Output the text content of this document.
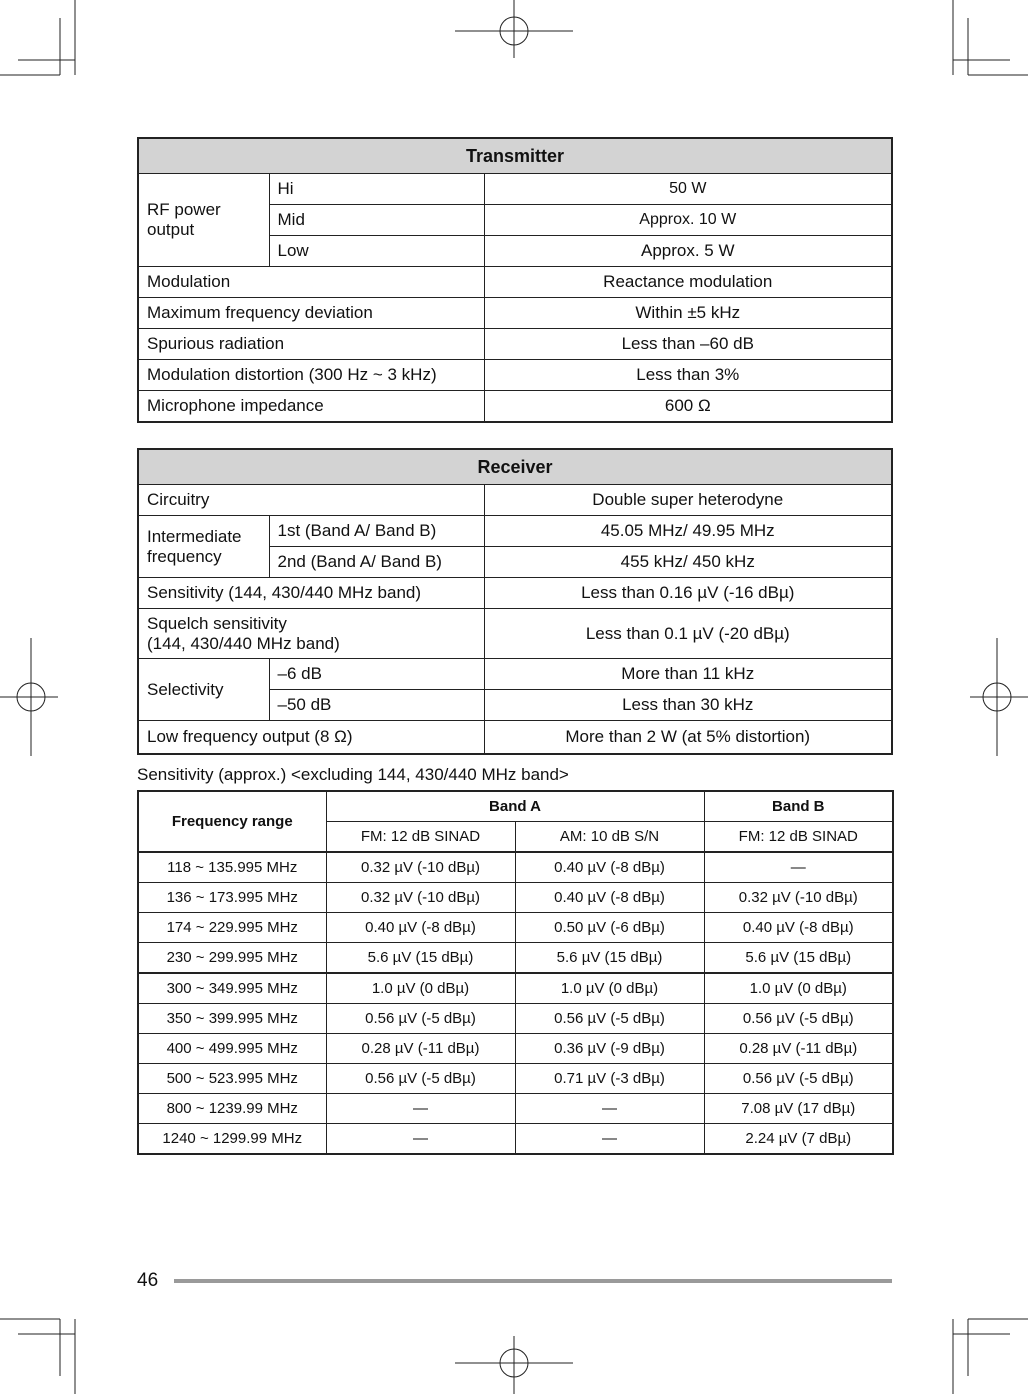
Transmitter		
RF power output	Hi	50 W
	Mid	Approx. 10 W
	Low	Approx. 5 W
Modulation		Reactance modulation
Maximum frequency deviation		Within ±5 kHz
Spurious radiation		Less than –60 dB
Modulation distortion (300 Hz ~ 3 kHz)		Less than 3%
Microphone impedance		600 Ω
Receiver		
Circuitry		Double super heterodyne
Intermediate frequency	1st (Band A/ Band B)	45.05 MHz/ 49.95 MHz
	2nd (Band A/ Band B)	455 kHz/ 450 kHz
Sensitivity (144, 430/440 MHz band)		Less than 0.16 µV (-16 dBµ)

Squelch sensitivity
(144, 430/440 MHz band)		Less than 0.1 µV (-20 dBµ)
Selectivity	–6 dB	More than 11 kHz
	–50 dB	Less than 30 kHz
Low frequency output (8 Ω)		More than 2 W (at 5% distortion)

Sensitivity (approx.) <excluding 144, 430/440 MHz band>

Frequency range	Band A		Band B
	FM: 12 dB SINAD	AM: 10 dB S/N	FM: 12 dB SINAD
118 ~ 135.995 MHz	0.32 µV (-10 dBµ)	0.40 µV (-8 dBµ)	—
136 ~ 173.995 MHz	0.32 µV (-10 dBµ)	0.40 µV (-8 dBµ)	0.32 µV (-10 dBµ)
174 ~ 229.995 MHz	0.40 µV (-8 dBµ)	0.50 µV (-6 dBµ)	0.40 µV (-8 dBµ)
230 ~ 299.995 MHz	5.6 µV (15 dBµ)	5.6 µV (15 dBµ)	5.6 µV (15 dBµ)
300 ~ 349.995 MHz	1.0 µV (0 dBµ)	1.0 µV (0 dBµ)	1.0 µV (0 dBµ)
350 ~ 399.995 MHz	0.56 µV (-5 dBµ)	0.56 µV (-5 dBµ)	0.56 µV (-5 dBµ)
400 ~ 499.995 MHz	0.28 µV (-11 dBµ)	0.36 µV (-9 dBµ)	0.28 µV (-11 dBµ)
500 ~ 523.995 MHz	0.56 µV (-5 dBµ)	0.71 µV (-3 dBµ)	0.56 µV (-5 dBµ)
800 ~ 1239.99 MHz	—	—	7.08 µV (17 dBµ)
1240 ~ 1299.99 MHz	—	—	2.24 µV (7 dBµ)

46
